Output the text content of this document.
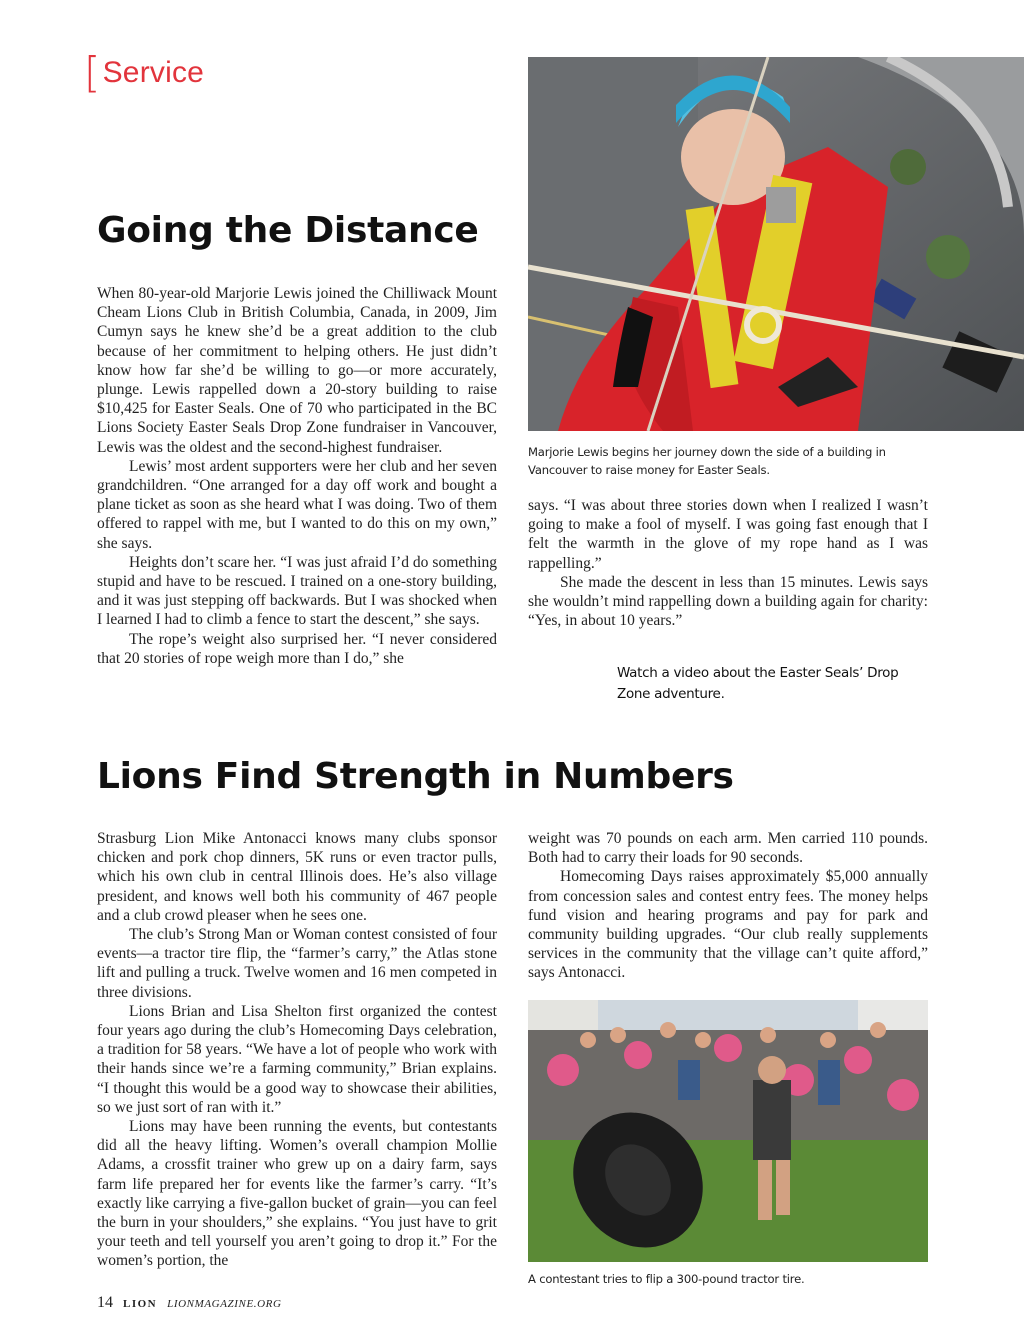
[Service
Going the Distance

When 80-year-old Marjorie Lewis joined the Chilliwack Mount Cheam Lions Club in British Columbia, Canada, in 2009, Jim Cumyn says he knew she’d be a great addition to the club because of her commitment to helping others. He just didn’t know how far she’d be willing to go—or more accurately, plunge. Lewis rappelled down a 20-story building to raise $10,425 for Easter Seals. One of 70 who participated in the BC Lions Society Easter Seals Drop Zone fundraiser in Vancouver, Lewis was the oldest and the second-highest fundraiser.

Lewis’ most ardent supporters were her club and her seven grandchildren. “One arranged for a day off work and bought a plane ticket as soon as she heard what I was doing. Two of them offered to rappel with me, but I wanted to do this on my own,” she says.

Heights don’t scare her. “I was just afraid I’d do something stupid and have to be rescued. I trained on a one-story building, and it was just stepping off backwards. But I was shocked when I learned I had to climb a fence to start the descent,” she says.

The rope’s weight also surprised her. “I never considered that 20 stories of rope weigh more than I do,” she

Marjorie Lewis begins her journey down the side of a building in Vancouver to raise money for Easter Seals.

says. “I was about three stories down when I realized I wasn’t going to make a fool of myself. I was going fast enough that I felt the warmth in the glove of my rope hand as I was rappelling.”

She made the descent in less than 15 minutes. Lewis says she wouldn’t mind rappelling down a building again for charity: “Yes, in about 10 years.”

Watch a video about the Easter Seals’ Drop Zone adventure.
Lions Find Strength in Numbers

Strasburg Lion Mike Antonacci knows many clubs sponsor chicken and pork chop dinners, 5K runs or even tractor pulls, which his own club in central Illinois does. He’s also village president, and knows well both his community of 467 people and a club crowd pleaser when he sees one.

The club’s Strong Man or Woman contest consisted of four events—a tractor tire flip, the “farmer’s carry,” the Atlas stone lift and pulling a truck. Twelve women and 16 men competed in three divisions.

Lions Brian and Lisa Shelton first organized the contest four years ago during the club’s Homecoming Days celebration, a tradition for 58 years. “We have a lot of people who work with their hands since we’re a farming community,” Brian explains. “I thought this would be a good way to showcase their abilities, so we just sort of ran with it.”

Lions may have been running the events, but contestants did all the heavy lifting. Women’s overall champion Mollie Adams, a crossfit trainer who grew up on a dairy farm, says farm life prepared her for events like the farmer’s carry. “It’s exactly like carrying a five-gallon bucket of grain—you can feel the burn in your shoulders,” she explains. “You just have to grit your teeth and tell yourself you aren’t going to drop it.” For the women’s portion, the

weight was 70 pounds on each arm. Men carried 110 pounds. Both had to carry their loads for 90 seconds.

Homecoming Days raises approximately $5,000 annually from concession sales and contest entry fees. The money helps fund vision and hearing programs and pay for park and community building upgrades. “Our club really supplements services in the community that the village can’t quite afford,” says Antonacci.

A contestant tries to flip a 300-pound tractor tire.
14 LION LIONMAGAZINE.ORG
